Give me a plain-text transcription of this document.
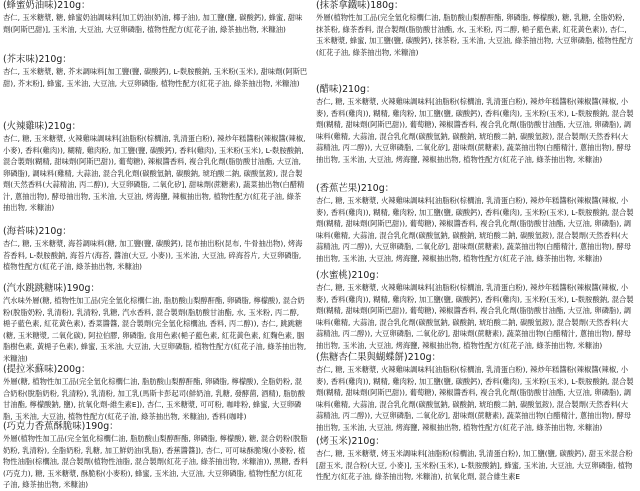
(蜂蜜奶油味)210g：
杏仁, 玉米糖漿, 糖, 蜂蜜奶油調味料[加工奶油(奶油, 椰子油), 加工鹽(鹽, 碳酸鈣), 蜂蜜, 甜味劑(阿斯巴甜)], 玉米油, 大豆油, 大豆卵磷脂, 植物性配方(紅花子油, 綠茶抽出物, 米糠油)
(芥末味)210g：
杏仁, 玉米糖漿, 糖, 芥末調味料[加工鹽(鹽, 碳酸鈣), L-麩胺酸鈉, 玉米粉(玉米), 甜味劑(阿斯巴甜), 芥末粉], 蜂蜜, 玉米油, 大豆油, 大豆卵磷脂, 植物性配方(紅花子油, 綠茶抽出物, 米糠油)
(火辣雞味)210g：
杏仁, 糖, 玉米糖漿, 火辣雞味調味料[油脂粉(棕櫚油, 乳清蛋白粉), 辣炒年糕醬粉(辣椒醬(辣椒, 小麥), 香料(雞肉)), 糊精, 雞肉粉, 加工鹽(鹽, 碳酸鈣), 香料(雞肉), 玉米粉(玉米), L-麩胺酸鈉, 混合製劑(糊精, 甜味劑(阿斯巴甜)), 葡萄糖), 辣椒醬香料, 複合乳化劑(脂肪酸甘油酯, 大豆油, 卵磷脂), 調味料(雞精, 大蒜油, 混合乳化劑(碳酸氫鈉, 碳酸鈉, 琥珀酸二鈉, 碳酸氫銨), 混合製劑(天然香料(大蒜精油, 丙二醇)), 大豆卵磷脂, 二氧化矽], 甜味劑(蔗糖素), 蔬菜抽出物(白醋精汁, 蔥抽出物), 酵母抽出物, 玉米油, 大豆油, 烤海鹽, 辣椒抽出物, 植物性配方(紅花子油, 綠茶抽出物, 米糠油)
(海苔味)210g：
杏仁, 糖, 玉米糖漿, 海苔調味料(糖, 加工鹽(鹽, 碳酸鈣), 昆布抽出粉(昆布, 牛骨抽出物), 烤海苔香料, L-麩胺酸鈉, 海苔片(海苔, 醬油(大豆, 小麥)), 玉米油, 大豆油, 碎海苔片, 大豆卵磷脂, 植物性配方(紅花子油, 綠茶抽出物, 米糠油)
(汽水跳跳糖味)190g：
汽水味外層(糖, 植物性加工品(完全氫化棕櫚仁油, 脂肪酸山梨醇酐酯, 卵磷脂, 檸檬酸), 混合奶粉(脫脂奶粉, 乳清粉), 乳清粉, 乳糖, 汽水香料, 混合製劑(脂肪酸甘油酯, 水, 玉米粉, 丙二醇, 梔子藍色素, 紅花黃色素), 香菜醬醬, 混合製劑(完全氫化棕櫚油, 香料, 丙二醇)), 杏仁, 跳跳糖(糖, 玉米糖漿, 二氧化碳), 阿拉伯膠, 卵磷脂, 食用色素(梔子藍色素, 紅花黃色素, 紅麴色素, 胭脂樹色素, 黃梔子色素), 蜂蜜, 玉米油, 大豆油, 大豆卵磷脂, 植物性配方(紅花子油, 綠茶抽出物, 米糠油)
(提拉米蘇味)200g：
外層(糖, 植物性加工品(完全氫化棕櫚仁油, 脂肪酸山梨醇酐酯, 卵磷脂, 檸檬酸), 全脂奶粉, 混合奶粉(脫脂奶粉, 乳清粉), 乳清粉, 加工乳(馬斯卡彭起司(鮮奶油, 乳糖, 發酵菌, 酒精), 脂肪酸甘油酯, 檸檬酸鈉, 鹽), 抗氧化劑-維生素E]), 杏仁, 玉米糖漿, 可可粉, 咖啡粉, 蜂蜜, 大豆卵磷脂, 玉米油, 大豆油, 植物性配方(紅花子油, 綠茶抽出物, 米糠油), 香料(咖啡)
(巧克力香蕉酥脆味)190g：
外層(植物性加工品(完全氫化棕櫚仁油, 脂肪酸山梨醇酐酯, 卵磷脂, 檸檬酸), 糖, 混合奶粉(脫脂奶粉, 乳清粉), 全脂奶粉, 乳糖, 加工鮮奶油(乳脂), 香蕉醬醬]), 杏仁, 可可味酥脆塊(小麥粉, 植物性油脂(棕櫚油, 混合製劑(植物性油脂, 混合製劑(紅花子油, 綠茶抽出物, 米糠油)), 黑糖, 香料(巧克力), 糖, 玉米糖漿, 酥脆粉(小麥粉), 蜂蜜, 玉米油, 大豆油, 大豆卵磷脂, 植物性配方(紅花子油, 綠茶抽出物, 米糠油)
(抹茶拿鐵味)180g：
外層(植物性加工品(完全氫化棕櫚仁油, 脂肪酸山梨醇酐酯, 卵磷脂, 檸檬酸), 糖, 乳糖, 全脂奶粉, 抹茶粉, 綠茶香料, 混合製劑(脂肪酸甘油酯, 水, 玉米粉, 丙二醇, 梔子藍色素, 紅花黃色素)), 杏仁, 玉米糖漿, 蜂蜜, 加工鹽(鹽, 碳酸鈣), 抹茶粉, 玉米油, 大豆油, 綠茶抽出物, 大豆卵磷脂, 植物性配方(紅花子油, 綠茶抽出物, 米糠油)
(醋味)210g：
杏仁, 糖, 玉米糖漿, 火辣雞味調味料[油脂粉(棕櫚油, 乳清蛋白粉), 辣炒年糕醬粉(辣椒醬(辣椒, 小麥), 香料(雞肉)), 糊精, 雞肉粉, 加工鹽(鹽, 碳酸鈣), 香料(雞肉), 玉米粉(玉米), L-麩胺酸鈉, 混合製劑(糊精, 甜味劑(阿斯巴甜)), 葡萄糖), 辣椒醬香料, 複合乳化劑(脂肪酸甘油酯, 大豆油, 卵磷脂), 調味料(雞精, 大蒜油, 混合乳化劑(碳酸氫鈉, 碳酸鈉, 琥珀酸二鈉, 碳酸氫銨), 混合製劑(天然香料(大蒜精油, 丙二醇)), 大豆卵磷脂, 二氧化矽], 甜味劑(蔗糖素), 蔬菜抽出物(白醋精汁, 蔥抽出物), 酵母抽出物, 玉米油, 大豆油, 烤海鹽, 辣椒抽出物, 植物性配方(紅花子油, 綠茶抽出物, 米糠油)
(香蕉芒果)210g：
杏仁, 糖, 玉米糖漿, 火辣雞味調味料[油脂粉(棕櫚油, 乳清蛋白粉), 辣炒年糕醬粉(辣椒醬(辣椒, 小麥), 香料(雞肉)), 糊精, 雞肉粉, 加工鹽(鹽, 碳酸鈣), 香料(雞肉), 玉米粉(玉米), L-麩胺酸鈉, 混合製劑(糊精, 甜味劑(阿斯巴甜)), 葡萄糖), 辣椒醬香料, 複合乳化劑(脂肪酸甘油酯, 大豆油, 卵磷脂), 調味料(雞精, 大蒜油, 混合乳化劑(碳酸氫鈉, 碳酸鈉, 琥珀酸二鈉, 碳酸氫銨), 混合製劑(天然香料(大蒜精油, 丙二醇)), 大豆卵磷脂, 二氧化矽], 甜味劑(蔗糖素), 蔬菜抽出物(白醋精汁, 蔥抽出物), 酵母抽出物, 玉米油, 大豆油, 烤海鹽, 辣椒抽出物, 植物性配方(紅花子油, 綠茶抽出物, 米糠油)
(水蜜桃)210g：
杏仁, 糖, 玉米糖漿, 火辣雞味調味料[油脂粉(棕櫚油, 乳清蛋白粉), 辣炒年糕醬粉(辣椒醬(辣椒, 小麥), 香料(雞肉)), 糊精, 雞肉粉, 加工鹽(鹽, 碳酸鈣), 香料(雞肉), 玉米粉(玉米), L-麩胺酸鈉, 混合製劑(糊精, 甜味劑(阿斯巴甜)), 葡萄糖), 辣椒醬香料, 複合乳化劑(脂肪酸甘油酯, 大豆油, 卵磷脂), 調味料(雞精, 大蒜油, 混合乳化劑(碳酸氫鈉, 碳酸鈉, 琥珀酸二鈉, 碳酸氫銨), 混合製劑(天然香料(大蒜精油, 丙二醇)), 大豆卵磷脂, 二氧化矽], 甜味劑(蔗糖素), 蔬菜抽出物(白醋精汁, 蔥抽出物), 酵母抽出物, 玉米油, 大豆油, 烤海鹽, 辣椒抽出物, 植物性配方(紅花子油, 綠茶抽出物, 米糠油)
(焦糖杏仁果與蝴蝶餅)210g：
杏仁, 糖, 玉米糖漿, 火辣雞味調味料[油脂粉(棕櫚油, 乳清蛋白粉), 辣炒年糕醬粉(辣椒醬(辣椒, 小麥), 香料(雞肉)), 糊精, 雞肉粉, 加工鹽(鹽, 碳酸鈣), 香料(雞肉), 玉米粉(玉米), L-麩胺酸鈉, 混合製劑(糊精, 甜味劑(阿斯巴甜)), 葡萄糖), 辣椒醬香料, 複合乳化劑(脂肪酸甘油酯, 大豆油, 卵磷脂), 調味料(雞精, 大蒜油, 混合乳化劑(碳酸氫鈉, 碳酸鈉, 琥珀酸二鈉, 碳酸氫銨), 混合製劑(天然香料(大蒜精油, 丙二醇)), 大豆卵磷脂, 二氧化矽], 甜味劑(蔗糖素), 蔬菜抽出物(白醋精汁, 蔥抽出物), 酵母抽出物, 玉米油, 大豆油, 烤海鹽, 辣椒抽出物, 植物性配方(紅花子油, 綠茶抽出物, 米糠油)
(烤玉米)210g：
杏仁, 糖, 玉米糖漿, 烤玉米調味料[油脂粉(棕櫚油, 乳清蛋白粉), 加工鹽(鹽, 碳酸鈣), 甜玉米混合粉[甜玉米, 混合粉(大豆, 小麥)], 玉米粉(玉米), L-麩胺酸鈉], 蜂蜜, 玉米油, 大豆油, 大豆卵磷脂, 植物性配方(紅花子油, 綠茶抽出物, 米糠油), 抗氧化劑, 混合維生素E
